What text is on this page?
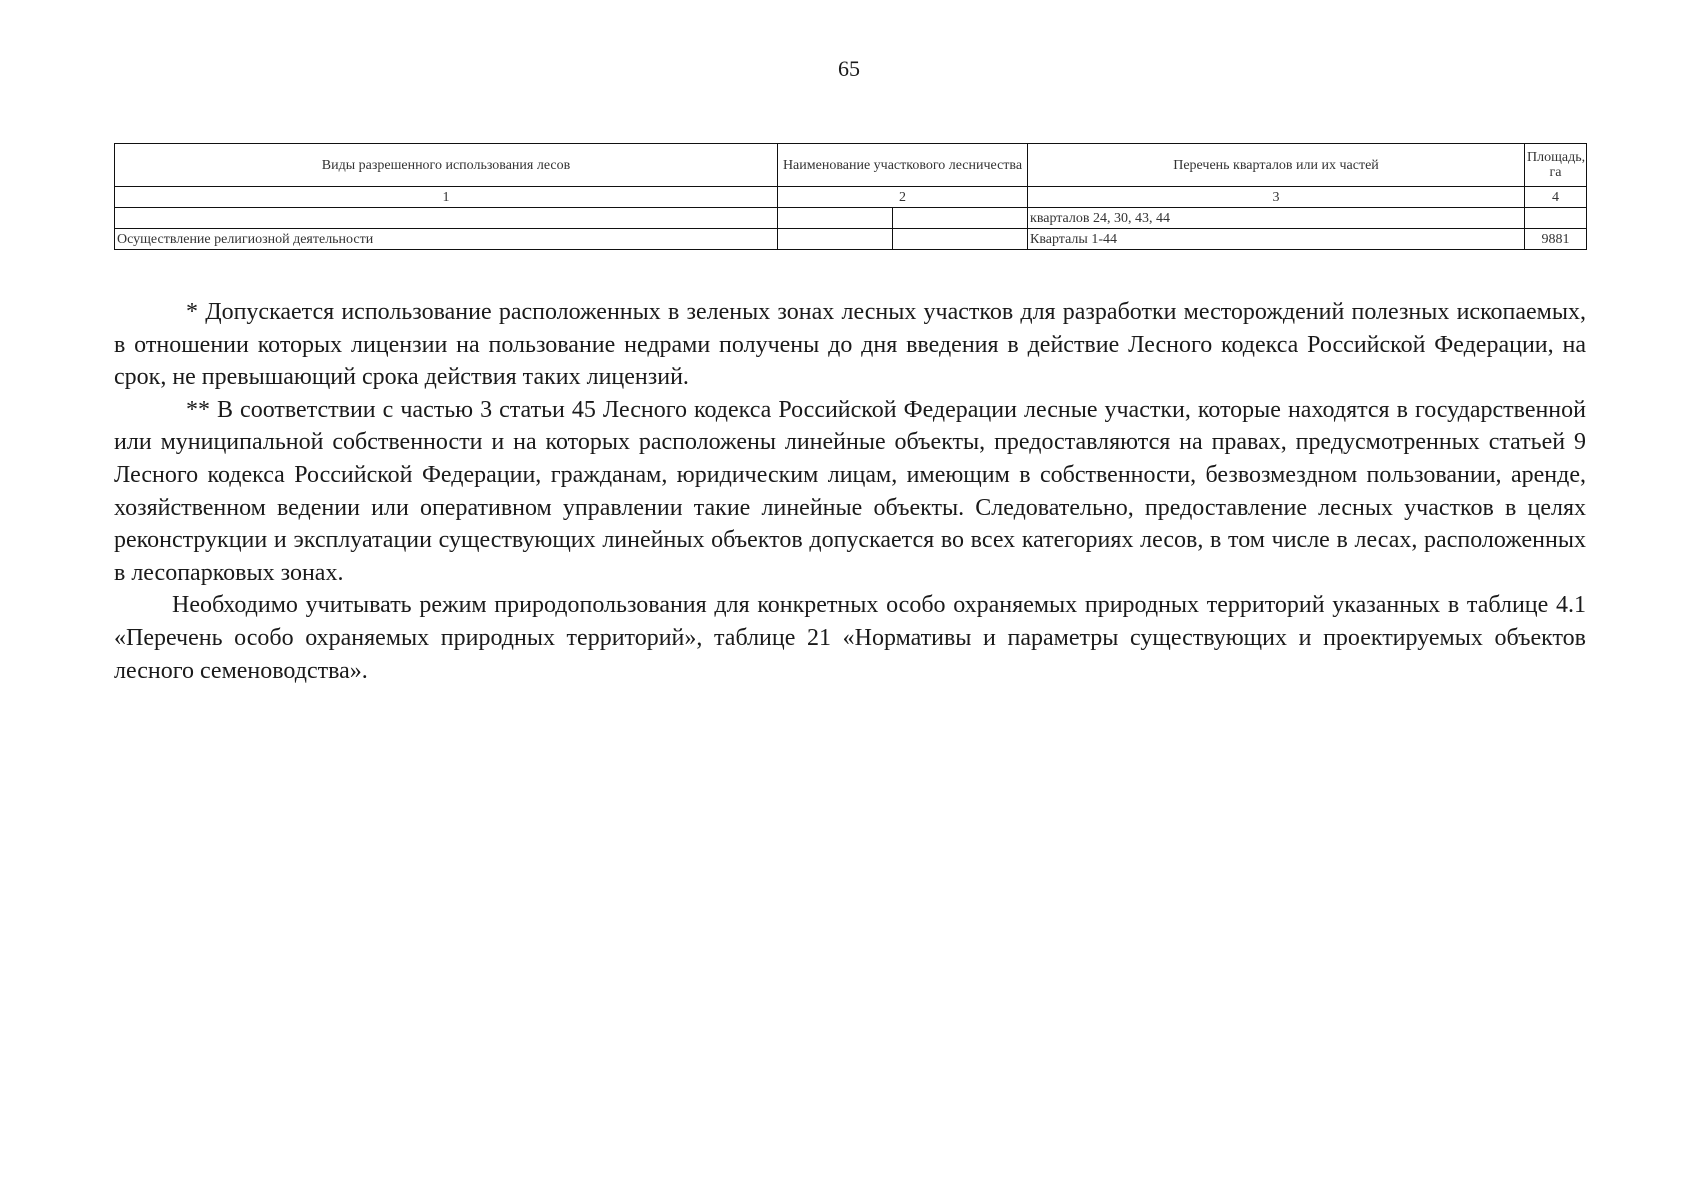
65
Виды разрешенного использования лесов	Наименование участкового лесничества		Перечень кварталов или их частей	Площадь, га
1	2		3	4
			кварталов 24, 30, 43, 44	
Осуществление религиозной деятельности			Кварталы 1-44	9881

* Допускается использование расположенных в зеленых зонах лесных участков для разработки месторождений полезных ископаемых, в отношении которых лицензии на пользование недрами получены до дня введения в действие Лесного кодекса Российской Федерации, на срок, не превышающий срока действия таких лицензий.

** В соответствии с частью 3 статьи 45 Лесного кодекса Российской Федерации лесные участки, которые находятся в государственной или муниципальной собственности и на которых расположены линейные объекты, предоставляются на правах, предусмотренных статьей 9 Лесного кодекса Российской Федерации, гражданам, юридическим лицам, имеющим в собственности, безвозмездном пользовании, аренде, хозяйственном ведении или оперативном управлении такие линейные объекты. Следовательно, предоставление лесных участков в целях реконструкции и эксплуатации существующих линейных объектов допускается во всех категориях лесов, в том числе в лесах, расположенных в лесопарковых зонах.

Необходимо учитывать режим природопользования для конкретных особо охраняемых природных территорий указанных в таблице 4.1 «Перечень особо охраняемых природных территорий», таблице 21 «Нормативы и параметры существующих и проектируемых объектов лесного семеноводства».
